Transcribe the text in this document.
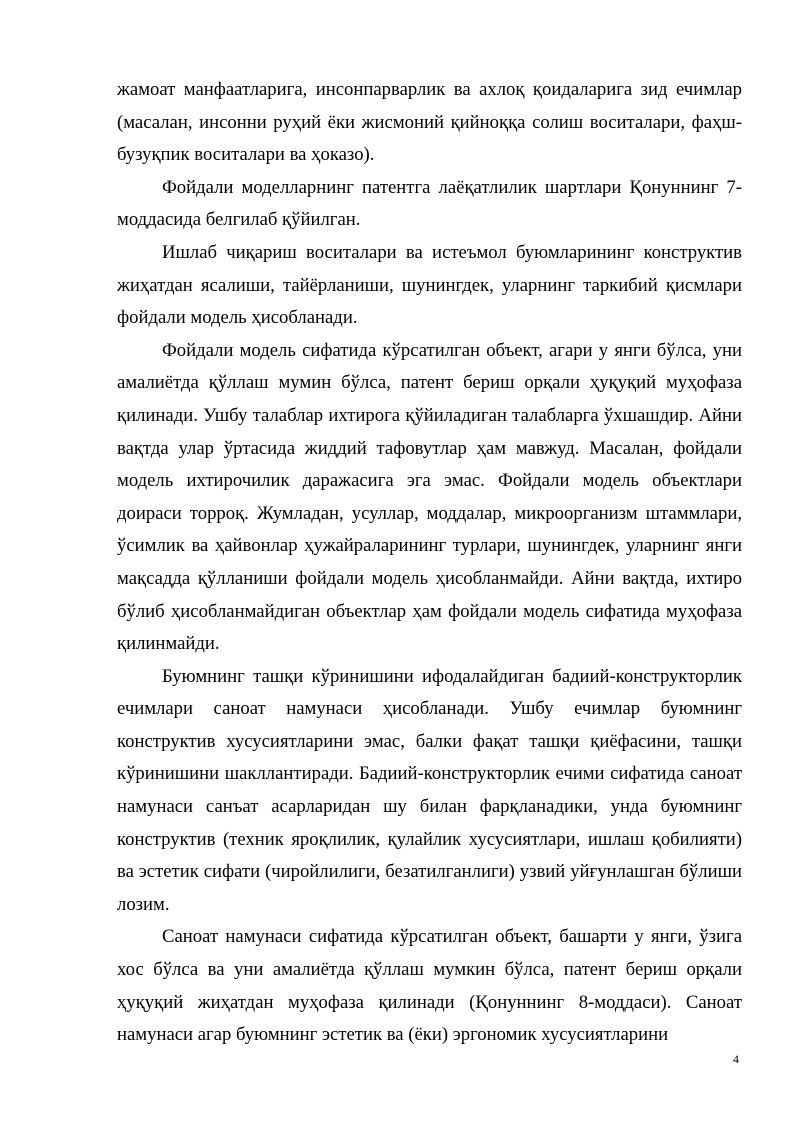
жамоат манфаатларига, инсонпарварлик ва ахлоқ қоидаларига зид ечимлар (масалан, инсонни руҳий ёки жисмоний қийноққа солиш воситалари, фаҳш-бузуқпик воситалари ва ҳоказо).

Фойдали моделларнинг патентга лаёқатлилик шартлари Қонуннинг 7-моддасида белгилаб қўйилган.

Ишлаб чиқариш воситалари ва истеъмол буюмларининг конструктив жиҳатдан ясалиши, тайёрланиши, шунингдек, уларнинг таркибий қисмлари фойдали модель ҳисобланади.

Фойдали модель сифатида кўрсатилган объект, агари у янги бўлса, уни амалиётда қўллаш мумин бўлса, патент бериш орқали ҳуқуқий муҳофаза қилинади. Ушбу талаблар ихтирога қўйиладиган талабларга ўхшашдир. Айни вақтда улар ўртасида жиддий тафовутлар ҳам мавжуд. Масалан, фойдали модель ихтирочилик даражасига эга эмас. Фойдали модель объектлари доираси торроқ. Жумладан, усуллар, моддалар, микроорганизм штаммлари, ўсимлик ва ҳайвонлар ҳужайраларининг турлари, шунингдек, уларнинг янги мақсадда қўлланиши фойдали модель ҳисобланмайди. Айни вақтда, ихтиро бўлиб ҳисобланмайдиган объектлар ҳам фойдали модель сифатида муҳофаза қилинмайди.

Буюмнинг ташқи кўринишини ифодалайдиган бадиий-конструкторлик ечимлари саноат намунаси ҳисобланади. Ушбу ечимлар буюмнинг конструктив хусусиятларини эмас, балки фақат ташқи қиёфасини, ташқи кўринишини шакллантиради. Бадиий-конструкторлик ечими сифатида саноат намунаси санъат асарларидан шу билан фарқланадики, унда буюмнинг конструктив (техник яроқлилик, қулайлик хусусиятлари, ишлаш қобилияти) ва эстетик сифати (чиройлилиги, безатилганлиги) узвий уйғунлашган бўлиши лозим.

Саноат намунаси сифатида кўрсатилган объект, башарти у янги, ўзига хос бўлса ва уни амалиётда қўллаш мумкин бўлса, патент бериш орқали ҳуқуқий жиҳатдан муҳофаза қилинади (Қонуннинг 8-моддаси). Саноат намунаси агар буюмнинг эстетик ва (ёки) эргономик хусусиятларини

4
